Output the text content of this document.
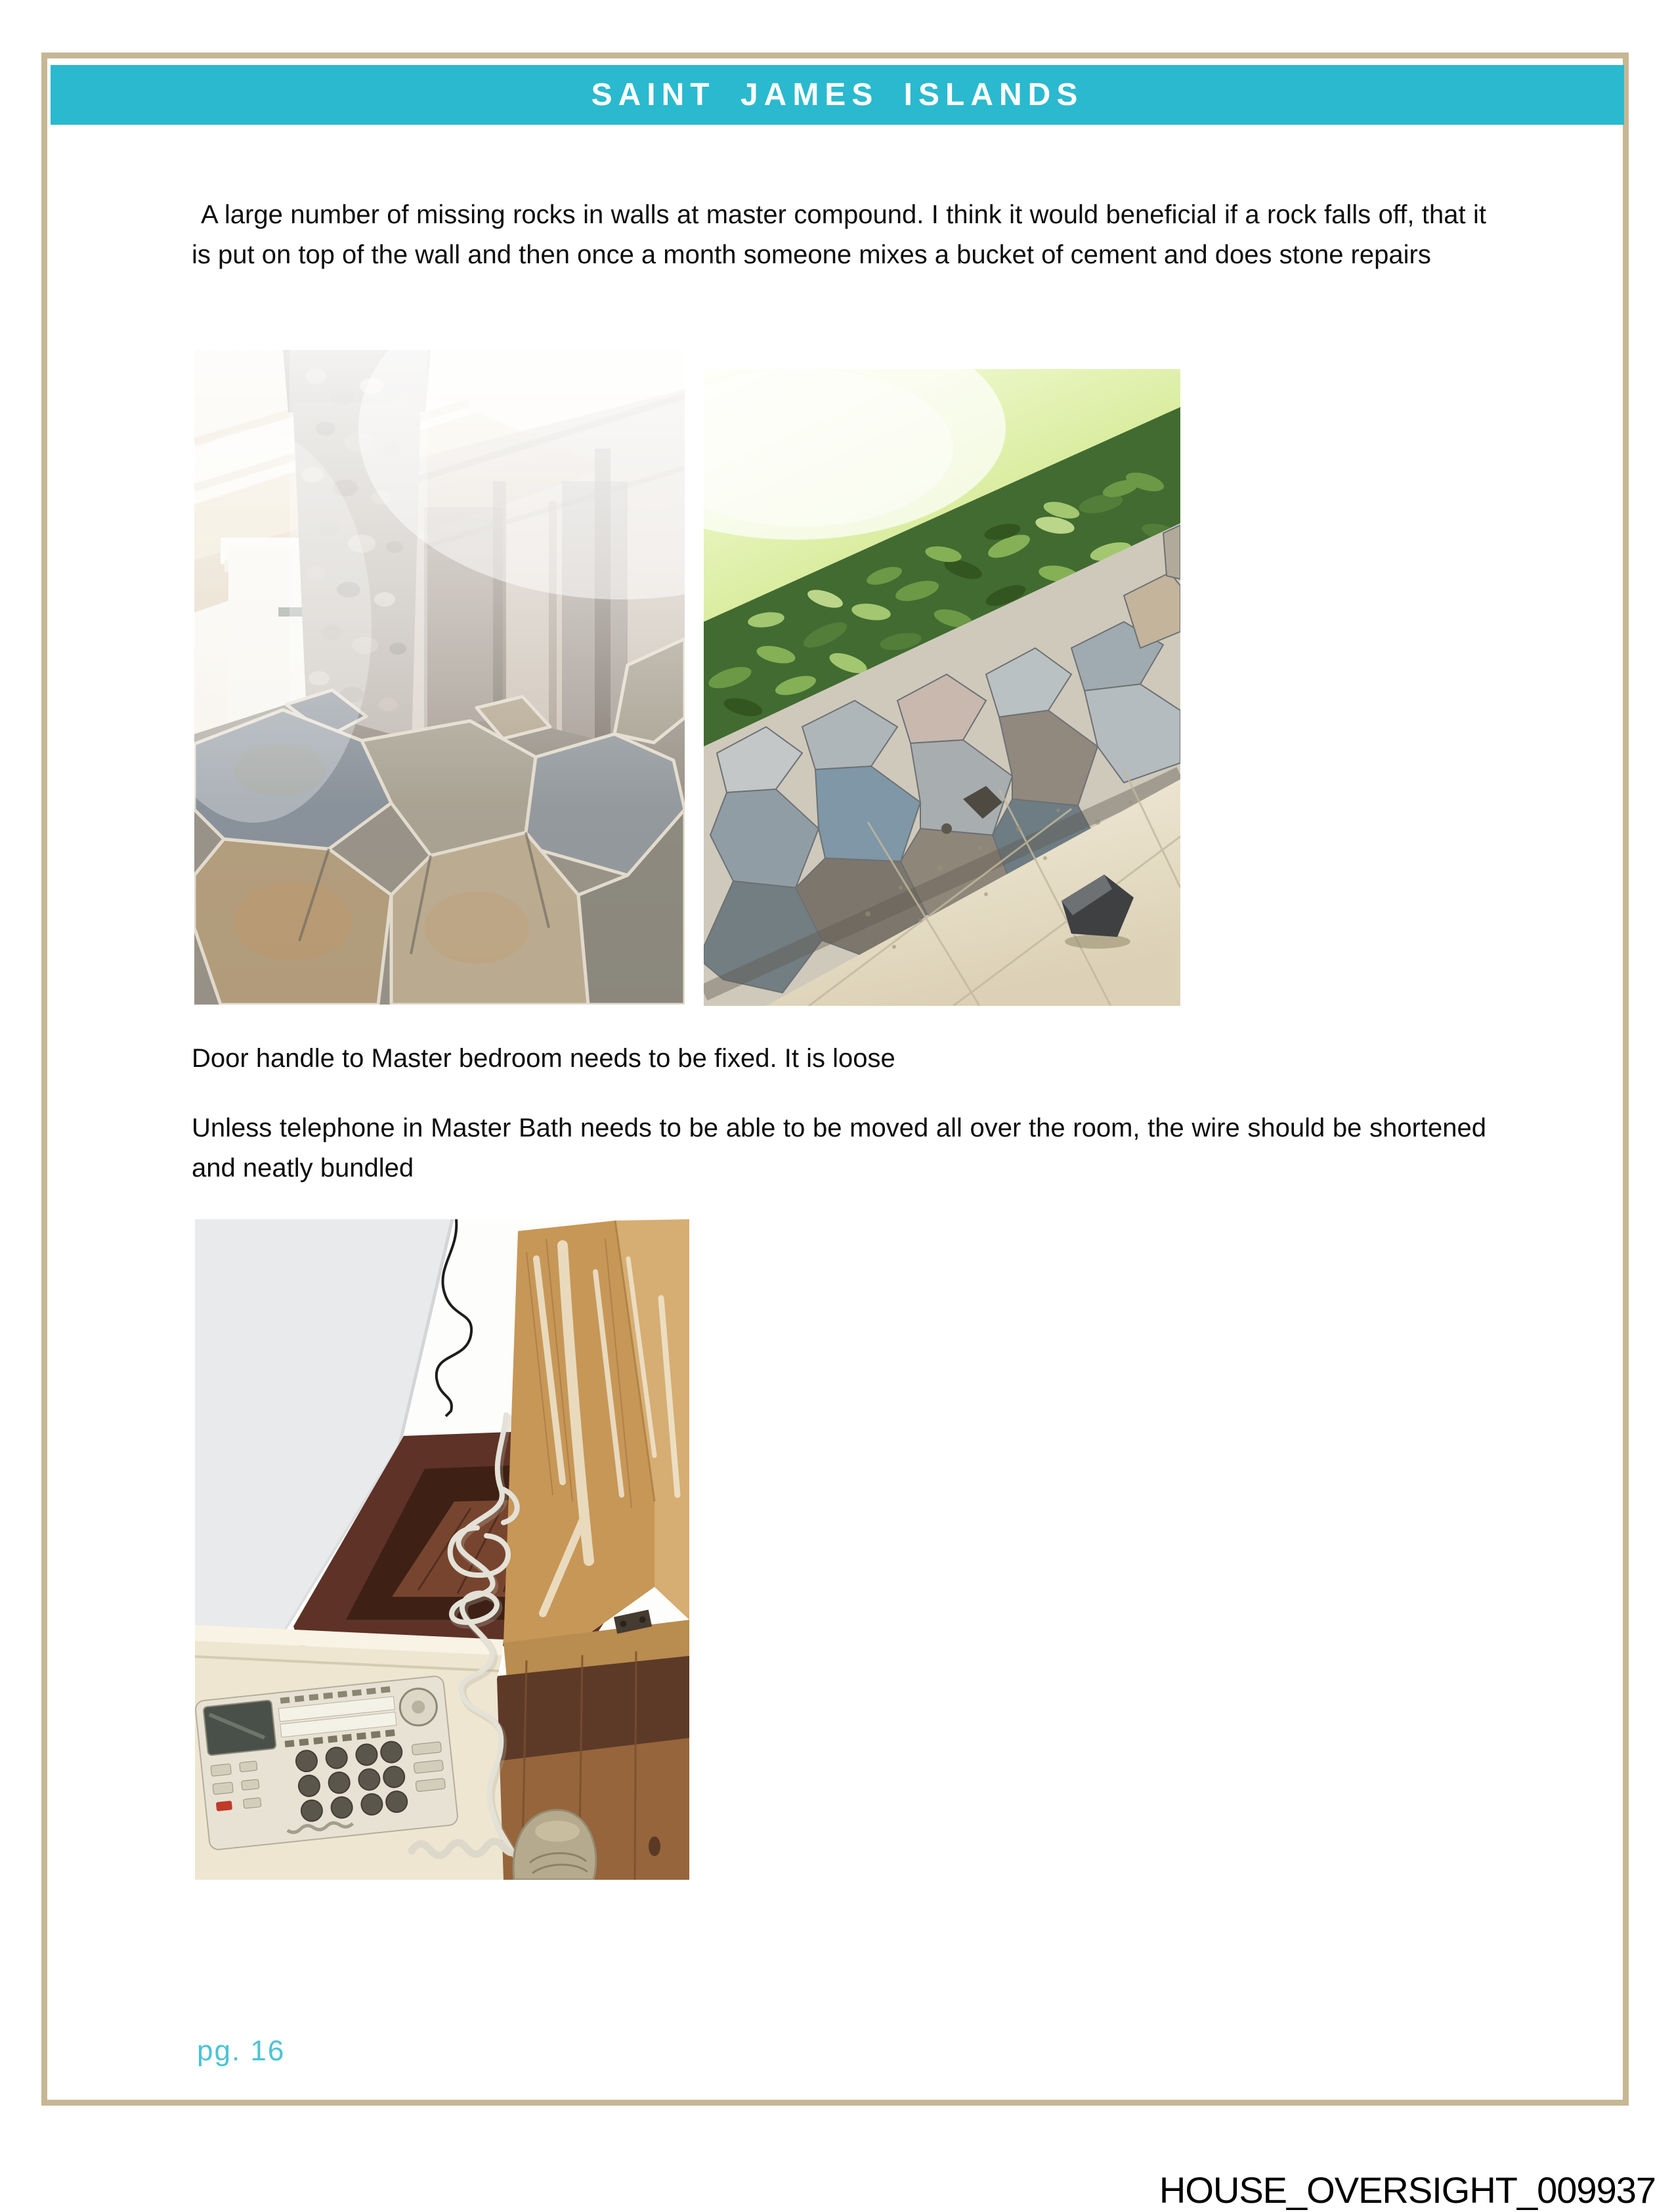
SAINT JAMES ISLANDS
A large number of missing rocks in walls at master compound. I think it would beneficial if a rock falls off, that it is put on top of the wall and then once a month someone mixes a bucket of cement and does stone repairs
Door handle to Master bedroom needs to be fixed. It is loose
Unless telephone in Master Bath needs to be able to be moved all over the room, the wire should be shortened and neatly bundled
pg. 16
HOUSE_OVERSIGHT_009937
